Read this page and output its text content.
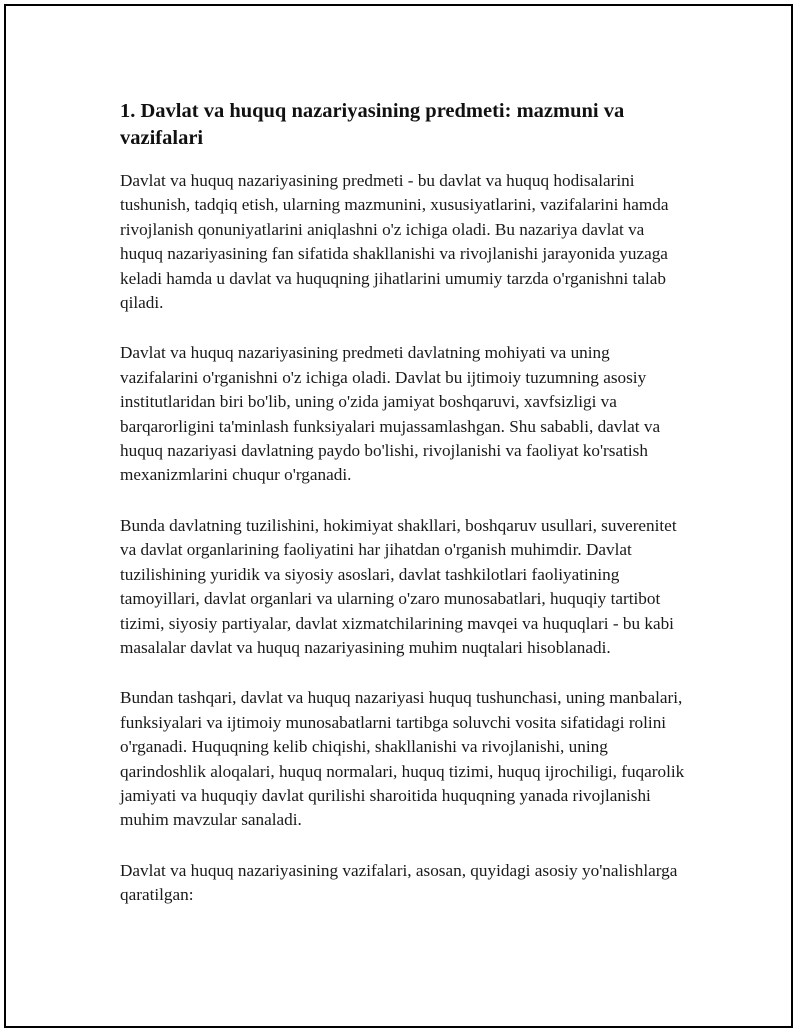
1. Davlat va huquq nazariyasining predmeti: mazmuni va vazifalari

Davlat va huquq nazariyasining predmeti - bu davlat va huquq hodisalarini tushunish, tadqiq etish, ularning mazmunini, xususiyatlarini, vazifalarini hamda rivojlanish qonuniyatlarini aniqlashni o'z ichiga oladi. Bu nazariya davlat va huquq nazariyasining fan sifatida shakllanishi va rivojlanishi jarayonida yuzaga keladi hamda u davlat va huquqning jihatlarini umumiy tarzda o'rganishni talab qiladi.

Davlat va huquq nazariyasining predmeti davlatning mohiyati va uning vazifalarini o'rganishni o'z ichiga oladi. Davlat bu ijtimoiy tuzumning asosiy institutlaridan biri bo'lib, uning o'zida jamiyat boshqaruvi, xavfsizligi va barqarorligini ta'minlash funksiyalari mujassamlashgan. Shu sababli, davlat va huquq nazariyasi davlatning paydo bo'lishi, rivojlanishi va faoliyat ko'rsatish mexanizmlarini chuqur o'rganadi.

Bunda davlatning tuzilishini, hokimiyat shakllari, boshqaruv usullari, suverenitet va davlat organlarining faoliyatini har jihatdan o'rganish muhimdir. Davlat tuzilishining yuridik va siyosiy asoslari, davlat tashkilotlari faoliyatining tamoyillari, davlat organlari va ularning o'zaro munosabatlari, huquqiy tartibot tizimi, siyosiy partiyalar, davlat xizmatchilarining mavqei va huquqlari - bu kabi masalalar davlat va huquq nazariyasining muhim nuqtalari hisoblanadi.

Bundan tashqari, davlat va huquq nazariyasi huquq tushunchasi, uning manbalari, funksiyalari va ijtimoiy munosabatlarni tartibga soluvchi vosita sifatidagi rolini o'rganadi. Huquqning kelib chiqishi, shakllanishi va rivojlanishi, uning qarindoshlik aloqalari, huquq normalari, huquq tizimi, huquq ijrochiligi, fuqarolik jamiyati va huquqiy davlat qurilishi sharoitida huquqning yanada rivojlanishi muhim mavzular sanaladi.

Davlat va huquq nazariyasining vazifalari, asosan, quyidagi asosiy yo'nalishlarga qaratilgan:
